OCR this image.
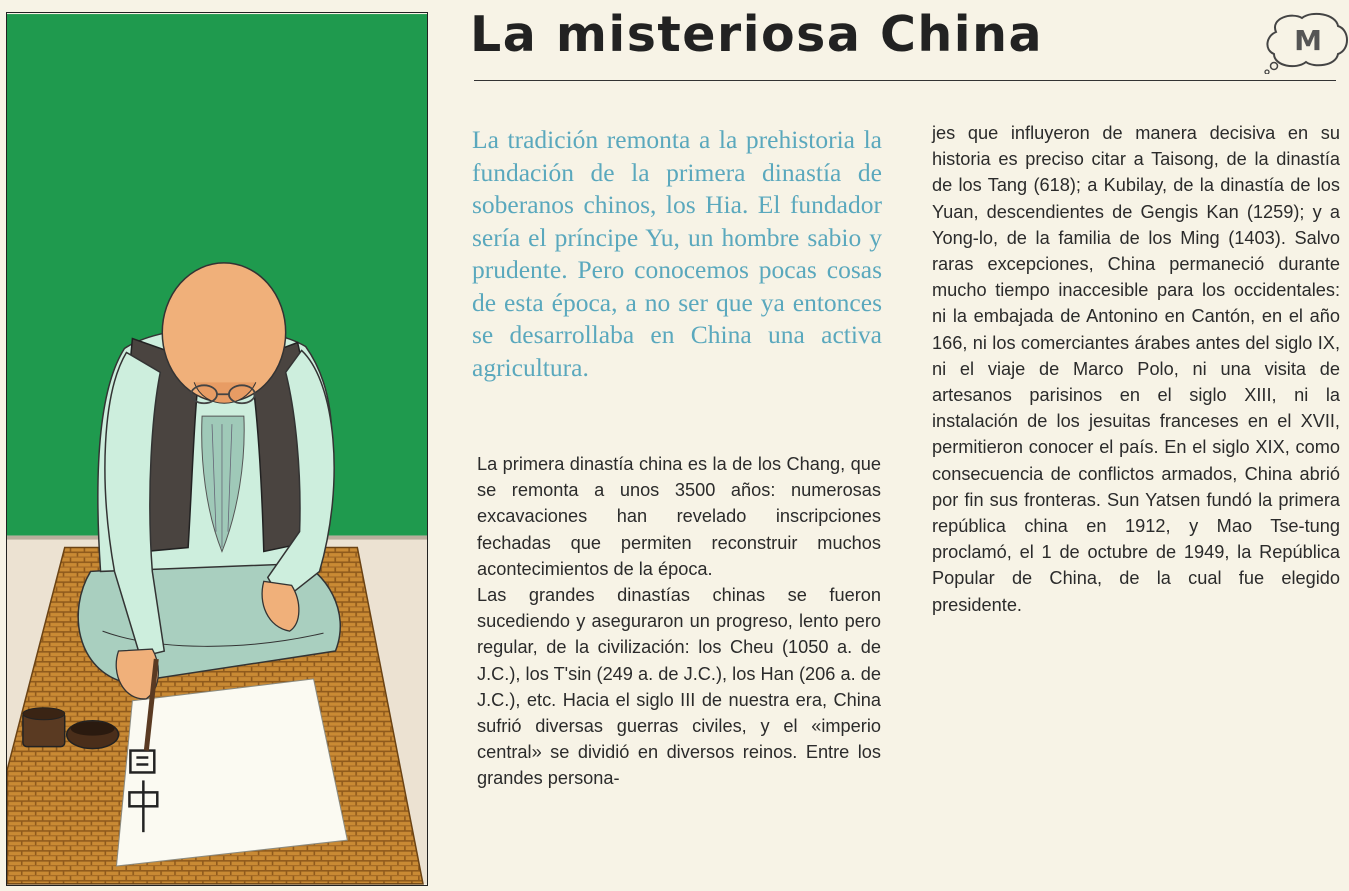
La misteriosa China	M

La tradición remonta a la prehistoria la fundación de la primera dinastía de soberanos chinos, los Hia. El fundador sería el príncipe Yu, un hombre sabio y prudente. Pero conocemos pocas cosas de esta época, a no ser que ya entonces se desarrollaba en China una activa agricultura.

La primera dinastía china es la de los Chang, que se remonta a unos 3500 años: numerosas excavaciones han revelado inscripciones fechadas que permiten reconstruir muchos acontecimientos de la época.

Las grandes dinastías chinas se fueron sucediendo y aseguraron un progreso, lento pero regular, de la civilización: los Cheu (1050 a. de J.C.), los T'sin (249 a. de J.C.), los Han (206 a. de J.C.), etc. Hacia el siglo III de nuestra era, China sufrió diversas guerras civiles, y el «imperio central» se dividió en diversos reinos. Entre los grandes persona-

jes que influyeron de manera decisiva en su historia es preciso citar a Taisong, de la dinastía de los Tang (618); a Kubilay, de la dinastía de los Yuan, descendientes de Gengis Kan (1259); y a Yong-lo, de la familia de los Ming (1403). Salvo raras excepciones, China permaneció durante mucho tiempo inaccesible para los occidentales: ni la embajada de Antonino en Cantón, en el año 166, ni los comerciantes árabes antes del siglo IX, ni el viaje de Marco Polo, ni una visita de artesanos parisinos en el siglo XIII, ni la instalación de los jesuitas franceses en el XVII, permitieron conocer el país. En el siglo XIX, como consecuencia de conflictos armados, China abrió por fin sus fronteras. Sun Yatsen fundó la primera república china en 1912, y Mao Tse-tung proclamó, el 1 de octubre de 1949, la República Popular de China, de la cual fue elegido presidente.
